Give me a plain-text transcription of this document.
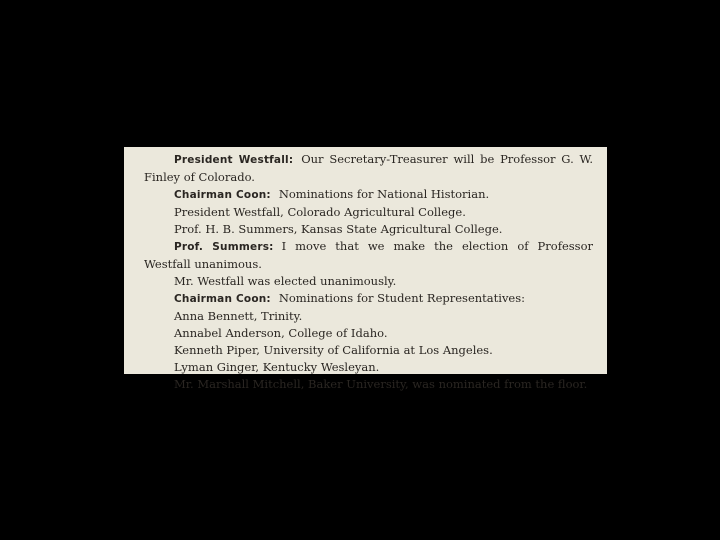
President Westfall: Our Secretary-Treasurer will be Professor G. W. Finley of Colorado.

Chairman Coon: Nominations for National Historian.

President Westfall, Colorado Agricultural College.

Prof. H. B. Summers, Kansas State Agricultural College.

Prof. Summers: I move that we make the election of Professor Westfall unanimous.

Mr. Westfall was elected unanimously.

Chairman Coon: Nominations for Student Representatives:

Anna Bennett, Trinity.

Annabel Anderson, College of Idaho.

Kenneth Piper, University of California at Los Angeles.

Lyman Ginger, Kentucky Wesleyan.

Mr. Marshall Mitchell, Baker University, was nominated from the floor.
